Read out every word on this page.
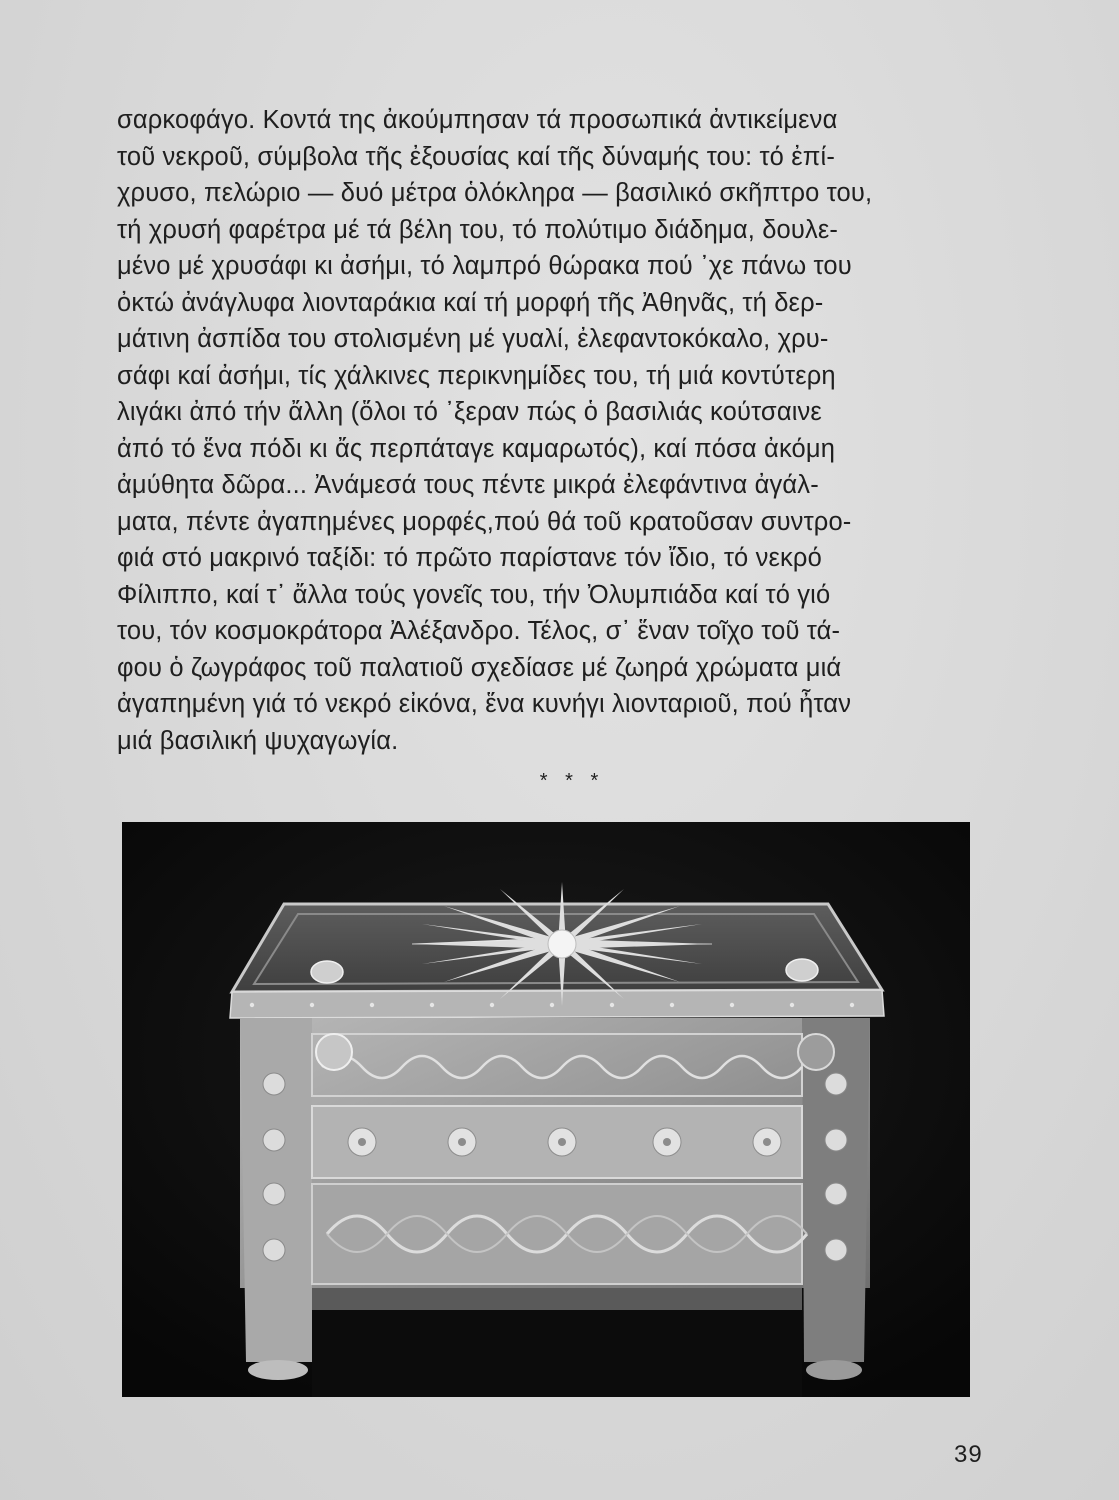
σαρκοφάγο. Κοντά της ἀκούμπησαν τά προσωπικά ἀντικείμενα
τοῦ νεκροῦ, σύμβολα τῆς ἐξουσίας καί τῆς δύναμής του: τό ἐπί-
χρυσο, πελώριο — δυό μέτρα ὁλόκληρα — βασιλικό σκῆπτρο του,
τή χρυσή φαρέτρα μέ τά βέλη του, τό πολύτιμο διάδημα, δουλε-
μένο μέ χρυσάφι κι ἀσήμι, τό λαμπρό θώρακα πού ᾽χε πάνω του
ὀκτώ ἀνάγλυφα λιονταράκια καί τή μορφή τῆς Ἀθηνᾶς, τή δερ-
μάτινη ἀσπίδα του στολισμένη μέ γυαλί, ἐλεφαντοκόκαλο, χρυ-
σάφι καί ἀσήμι, τίς χάλκινες περικνημίδες του, τή μιά κοντύτερη
λιγάκι ἀπό τήν ἄλλη (ὅλοι τό ᾽ξεραν πώς ὁ βασιλιάς κούτσαινε
ἀπό τό ἕνα πόδι κι ἄς περπάταγε καμαρωτός), καί πόσα ἀκόμη
ἀμύθητα δῶρα... Ἀνάμεσά τους πέντε μικρά ἐλεφάντινα ἀγάλ-
ματα, πέντε ἀγαπημένες μορφές,πού θά τοῦ κρατοῦσαν συντρο-
φιά στό μακρινό ταξίδι: τό πρῶτο παρίστανε τόν ἴδιο, τό νεκρό
Φίλιππο, καί τ᾽ ἄλλα τούς γονεῖς του, τήν Ὀλυμπιάδα καί τό γιό
του, τόν κοσμοκράτορα Ἀλέξανδρο. Τέλος, σ᾽ ἕναν τοῖχο τοῦ τά-
φου ὁ ζωγράφος τοῦ παλατιοῦ σχεδίασε μέ ζωηρά χρώματα μιά
ἀγαπημένη γιά τό νεκρό εἰκόνα, ἕνα κυνήγι λιονταριοῦ, πού ἦταν
μιά βασιλική ψυχαγωγία.
* * *
39
